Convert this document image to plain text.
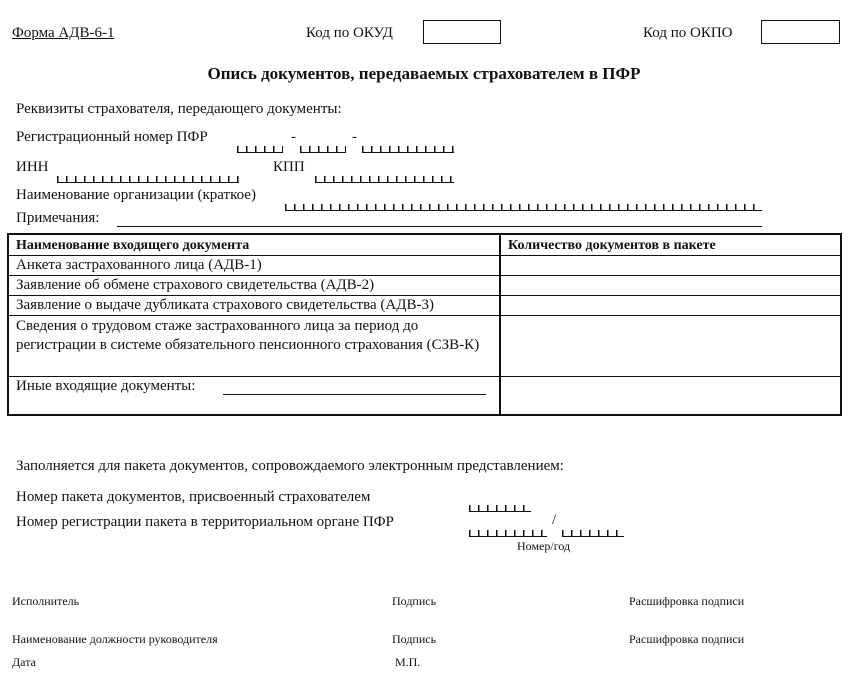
Форма АДВ-6-1	Код по ОКУД	Код по ОКПО
Опись документов, передаваемых страхователем в ПФР
Реквизиты страхователя, передающего документы:
Регистрационный номер ПФР	-	-
ИНН	КПП
Наименование организации (краткое)
Примечания:
Наименование входящего документа	Количество документов в пакете
Анкета застрахованного лица (АДВ-1)	
Заявление об обмене страхового свидетельства (АДВ-2)	
Заявление о выдаче дубликата страхового свидетельства (АДВ-3)	
Сведения о трудовом стаже застрахованного лица за период до регистрации в системе обязательного пенсионного страхования (СЗВ-К)	
Иные входящие документы:

Заполняется для пакета документов, сопровождаемого электронным представлением:
Номер пакета документов, присвоенный страхователем
Номер регистрации пакета в территориальном органе ПФР	/
Номер/год
Исполнитель	Подпись	Расшифровка подписи
Наименование должности руководителя	Подпись	Расшифровка подписи
Дата	М.П.
